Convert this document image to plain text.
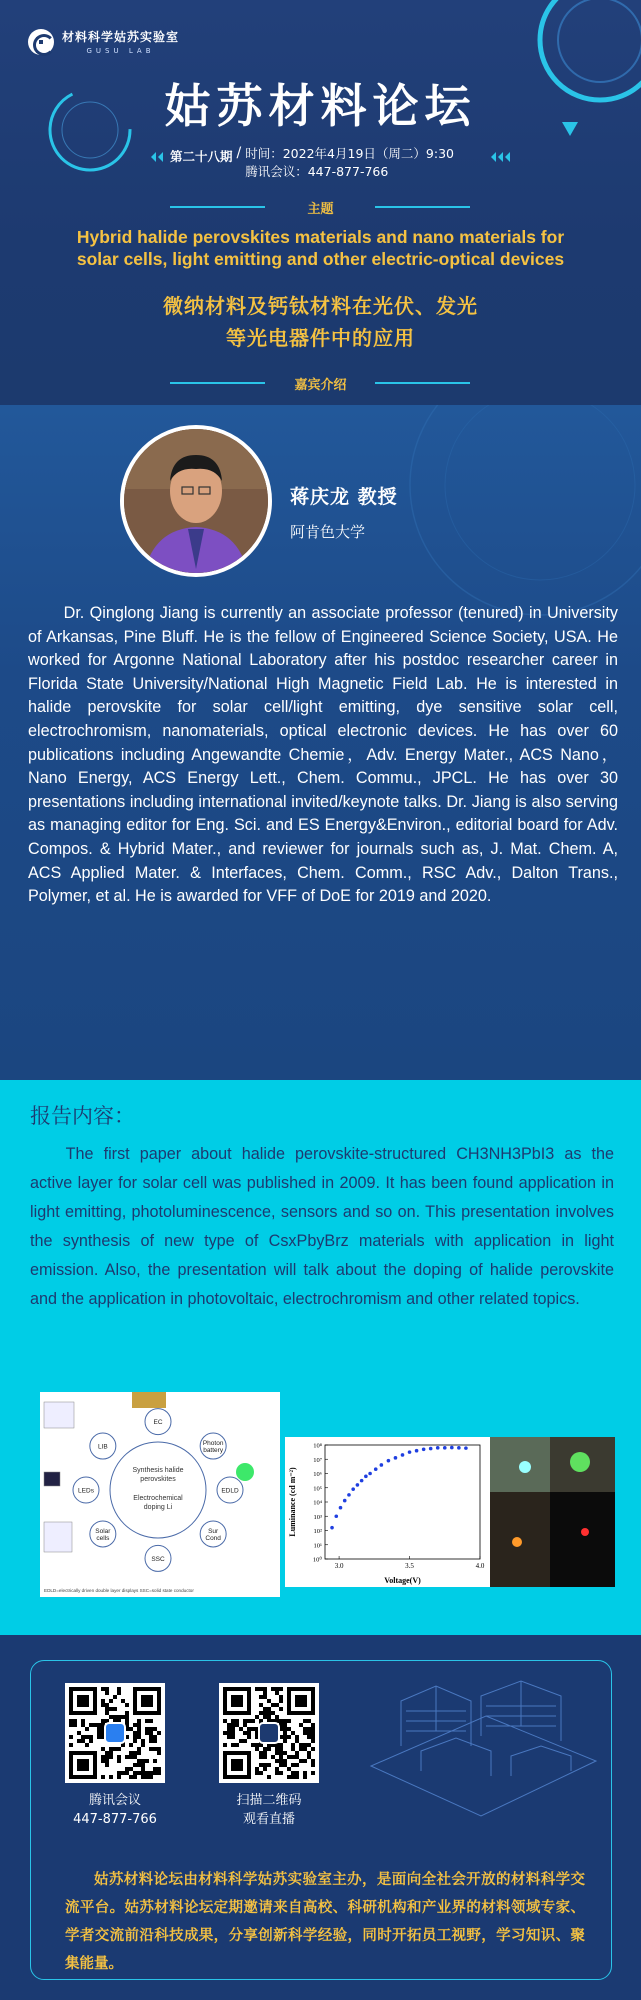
材料科学姑苏实验室
GUSU LAB
姑苏材料论坛
第二十八期 / 时间：2022年4月19日（周二）9:30
腾讯会议：447-877-766
主题
Hybrid halide perovskites materials and nano materials for
solar cells, light emitting and other electric-optical devices
微纳材料及钙钛材料在光伏、发光
等光电器件中的应用
嘉宾介绍
蒋庆龙 教授
阿肯色大学
Dr. Qinglong Jiang is currently an associate professor (tenured) in University of Arkansas, Pine Bluff. He is the fellow of Engineered Science Society, USA. He worked for Argonne National Laboratory after his postdoc researcher career in Florida State University/National High Magnetic Field Lab. He is interested in halide perovskite for solar cell/light emitting, dye sensitive solar cell, electrochromism, nanomaterials, optical electronic devices. He has over 60 publications including Angewandte Chemie，Adv. Energy Mater., ACS Nano，Nano Energy, ACS Energy Lett., Chem. Commu., JPCL. He has over 30 presentations including international invited/keynote talks. Dr. Jiang is also serving as managing editor for Eng. Sci. and ES Energy&Environ., editorial board for Adv. Compos. & Hybrid Mater., and reviewer for journals such as, J. Mat. Chem. A, ACS Applied Mater. & Interfaces, Chem. Comm., RSC Adv., Dalton Trans., Polymer, et al. He is awarded for VFF of DoE for 2019 and 2020.
报告内容：
The first paper about halide perovskite-structured CH3NH3PbI3 as the active layer for solar cell was published in 2009. It has been found application in light emitting, photoluminescence, sensors and so on. This presentation involves the synthesis of new type of CsxPbyBrz materials with application in light emission. Also, the presentation will talk about the doping of halide perovskite and the application in photovoltaic, electrochromism and other related topics.
Synthesis halide
perovskites
Electrochemical
doping Li
EC
Photon
battery
EDLD
Sur
Cond
SSC
Solar
cells
LEDs
LIB
EDLD=electrically driven double layer displays SSC=solid state conductor
10⁰
10¹
10²
10³
10⁴
10⁵
10⁶
10⁷
10⁸
3.0	3.5	4.0
Voltage(V)
Luminance (cd m⁻²)
腾讯会议
447-877-766
扫描二维码
观看直播
姑苏材料论坛由材料科学姑苏实验室主办，是面向全社会开放的材料科学交流平台。姑苏材料论坛定期邀请来自高校、科研机构和产业界的材料领域专家、学者交流前沿科技成果，分享创新科学经验，同时开拓员工视野，学习知识、聚集能量。
